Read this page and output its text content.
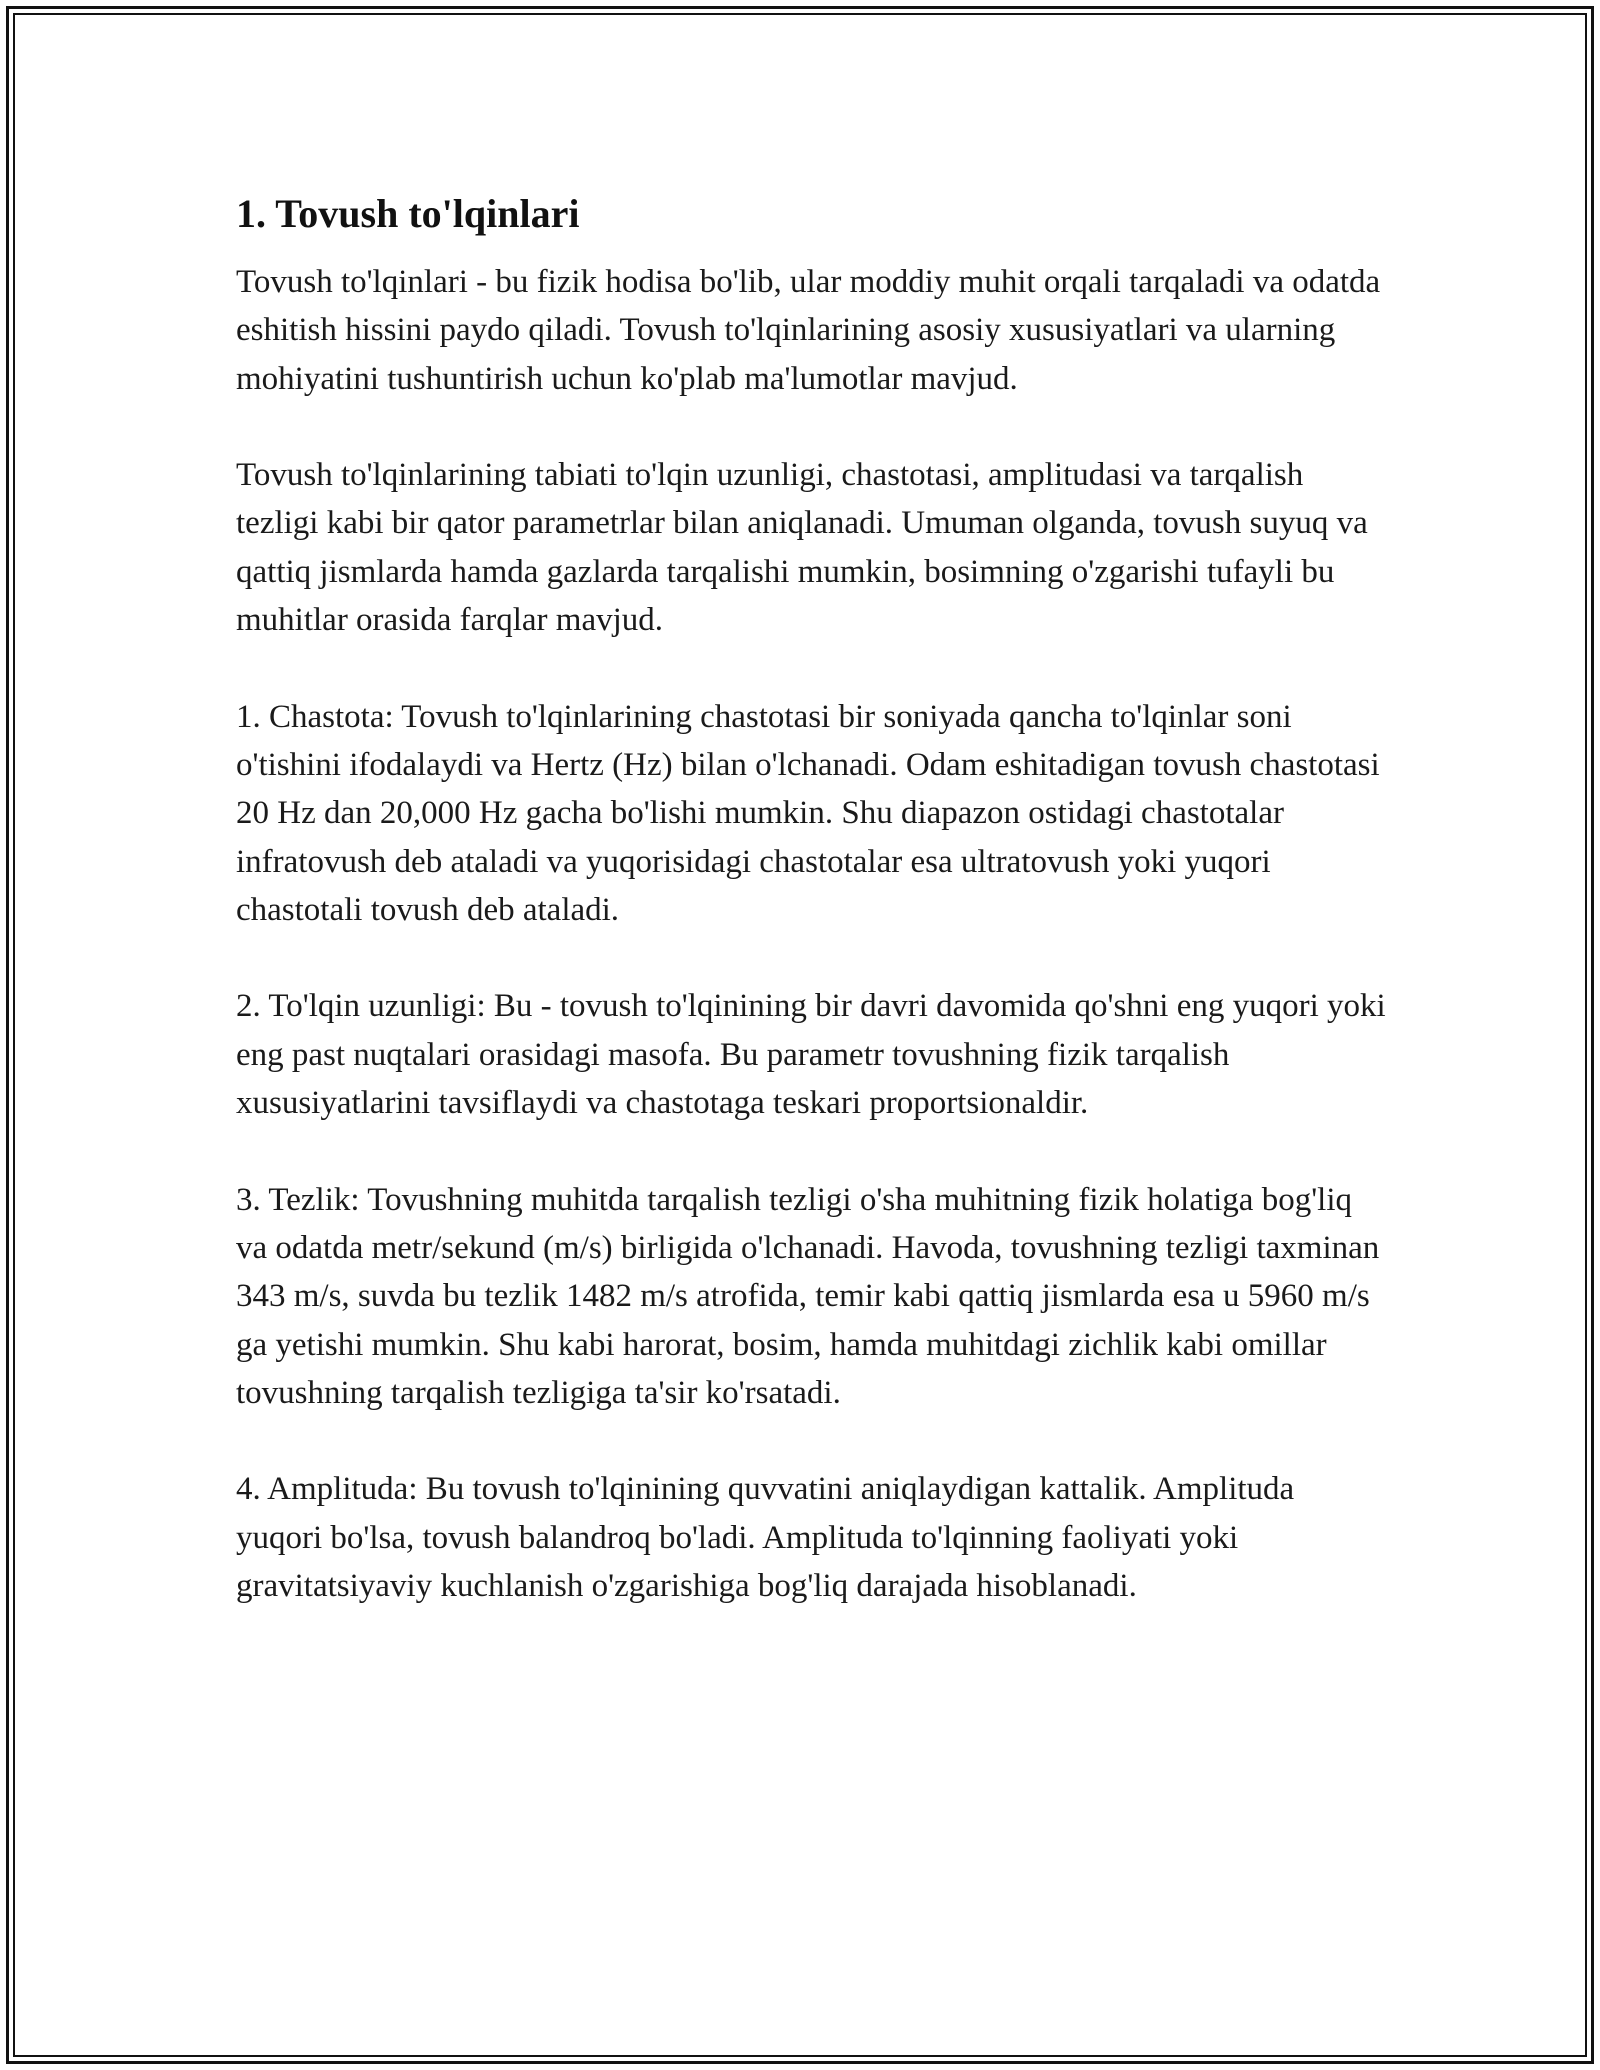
1. Tovush to'lqinlari

Tovush to'lqinlari - bu fizik hodisa bo'lib, ular moddiy muhit orqali tarqaladi va odatda eshitish hissini paydo qiladi. Tovush to'lqinlarining asosiy xususiyatlari va ularning mohiyatini tushuntirish uchun ko'plab ma'lumotlar mavjud.

Tovush to'lqinlarining tabiati to'lqin uzunligi, chastotasi, amplitudasi va tarqalish tezligi kabi bir qator parametrlar bilan aniqlanadi. Umuman olganda, tovush suyuq va qattiq jismlarda hamda gazlarda tarqalishi mumkin, bosimning o'zgarishi tufayli bu muhitlar orasida farqlar mavjud.

1. Chastota: Tovush to'lqinlarining chastotasi bir soniyada qancha to'lqinlar soni o'tishini ifodalaydi va Hertz (Hz) bilan o'lchanadi. Odam eshitadigan tovush chastotasi 20 Hz dan 20,000 Hz gacha bo'lishi mumkin. Shu diapazon ostidagi chastotalar infratovush deb ataladi va yuqorisidagi chastotalar esa ultratovush yoki yuqori chastotali tovush deb ataladi.

2. To'lqin uzunligi: Bu - tovush to'lqinining bir davri davomida qo'shni eng yuqori yoki eng past nuqtalari orasidagi masofa. Bu parametr tovushning fizik tarqalish xususiyatlarini tavsiflaydi va chastotaga teskari proportsionaldir.

3. Tezlik: Tovushning muhitda tarqalish tezligi o'sha muhitning fizik holatiga bog'liq va odatda metr/sekund (m/s) birligida o'lchanadi. Havoda, tovushning tezligi taxminan 343 m/s, suvda bu tezlik 1482 m/s atrofida, temir kabi qattiq jismlarda esa u 5960 m/s ga yetishi mumkin. Shu kabi harorat, bosim, hamda muhitdagi zichlik kabi omillar tovushning tarqalish tezligiga ta'sir ko'rsatadi.

4. Amplituda: Bu tovush to'lqinining quvvatini aniqlaydigan kattalik. Amplituda yuqori bo'lsa, tovush balandroq bo'ladi. Amplituda to'lqinning faoliyati yoki gravitatsiyaviy kuchlanish o'zgarishiga bog'liq darajada hisoblanadi.
